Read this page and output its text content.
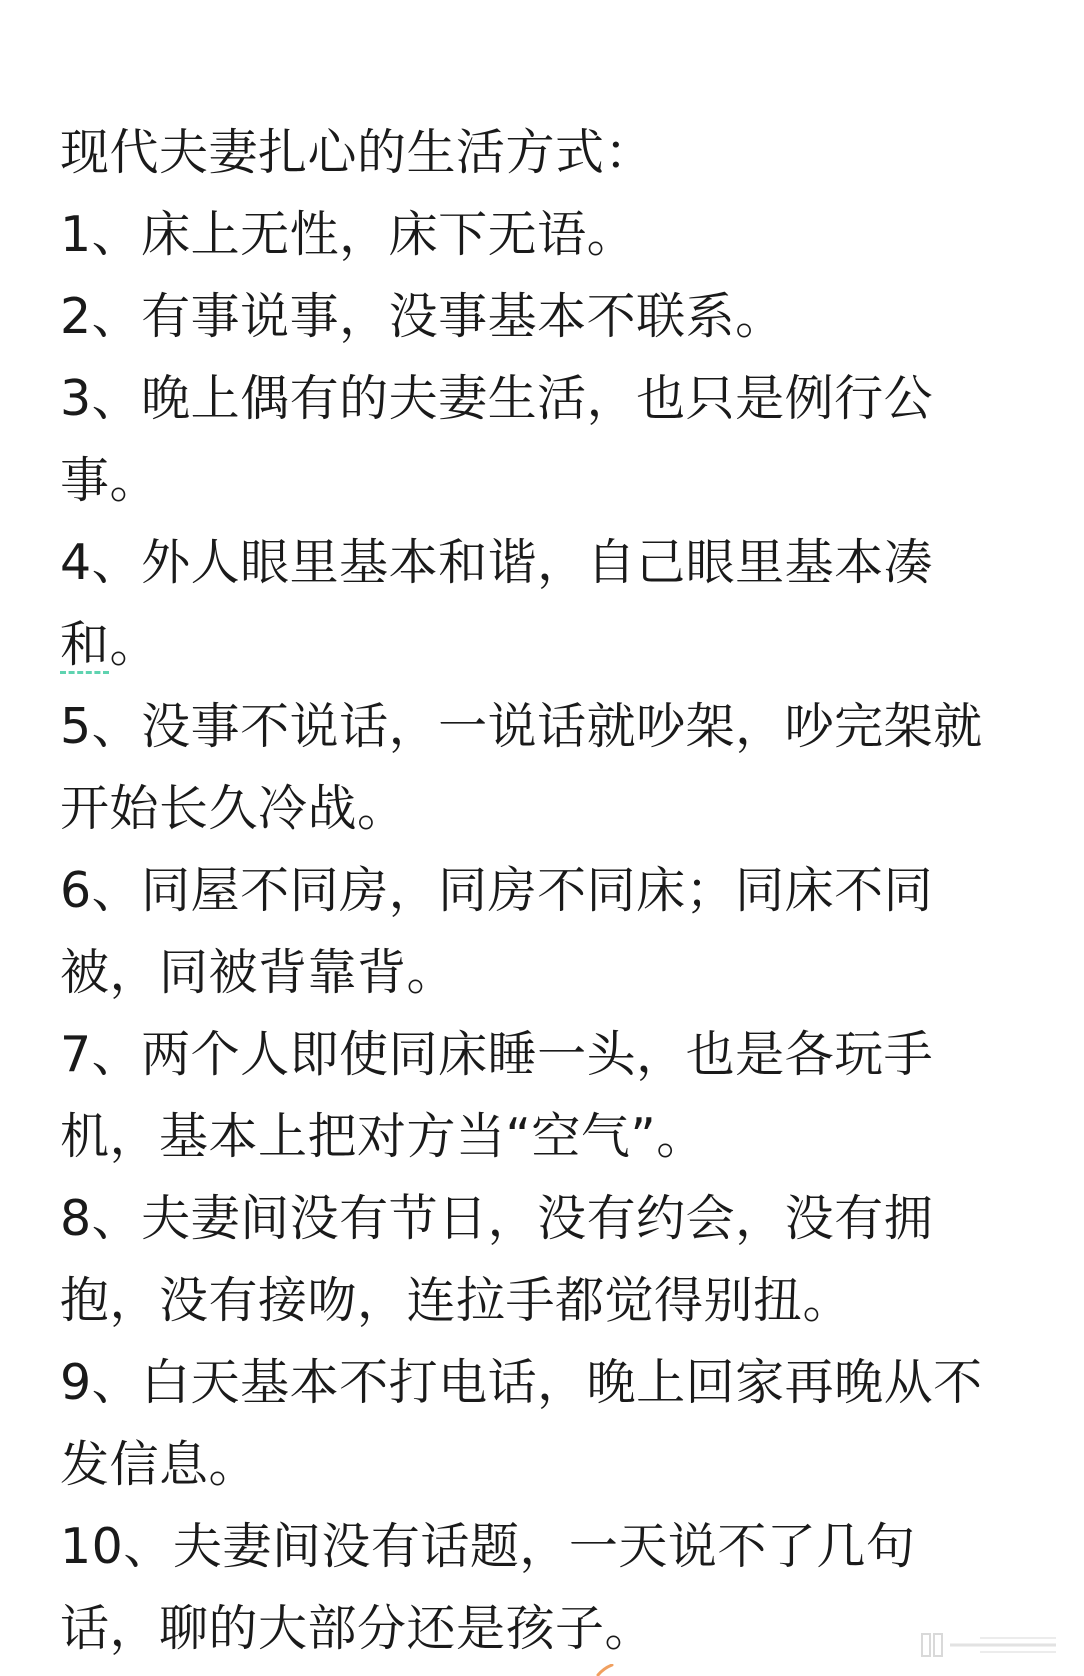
现代夫妻扎心的生活方式：
1、床上无性，床下无语。
2、有事说事，没事基本不联系。
3、晚上偶有的夫妻生活，也只是例行公
事。
4、外人眼里基本和谐，自己眼里基本凑
和。
5、没事不说话，一说话就吵架，吵完架就
开始长久冷战。
6、同屋不同房，同房不同床；同床不同
被，同被背靠背。
7、两个人即使同床睡一头，也是各玩手
机，基本上把对方当“空气”。
8、夫妻间没有节日，没有约会，没有拥
抱，没有接吻，连拉手都觉得别扭。
9、白天基本不打电话，晚上回家再晚从不
发信息。
10、夫妻间没有话题，一天说不了几句
话，聊的大部分还是孩子。
